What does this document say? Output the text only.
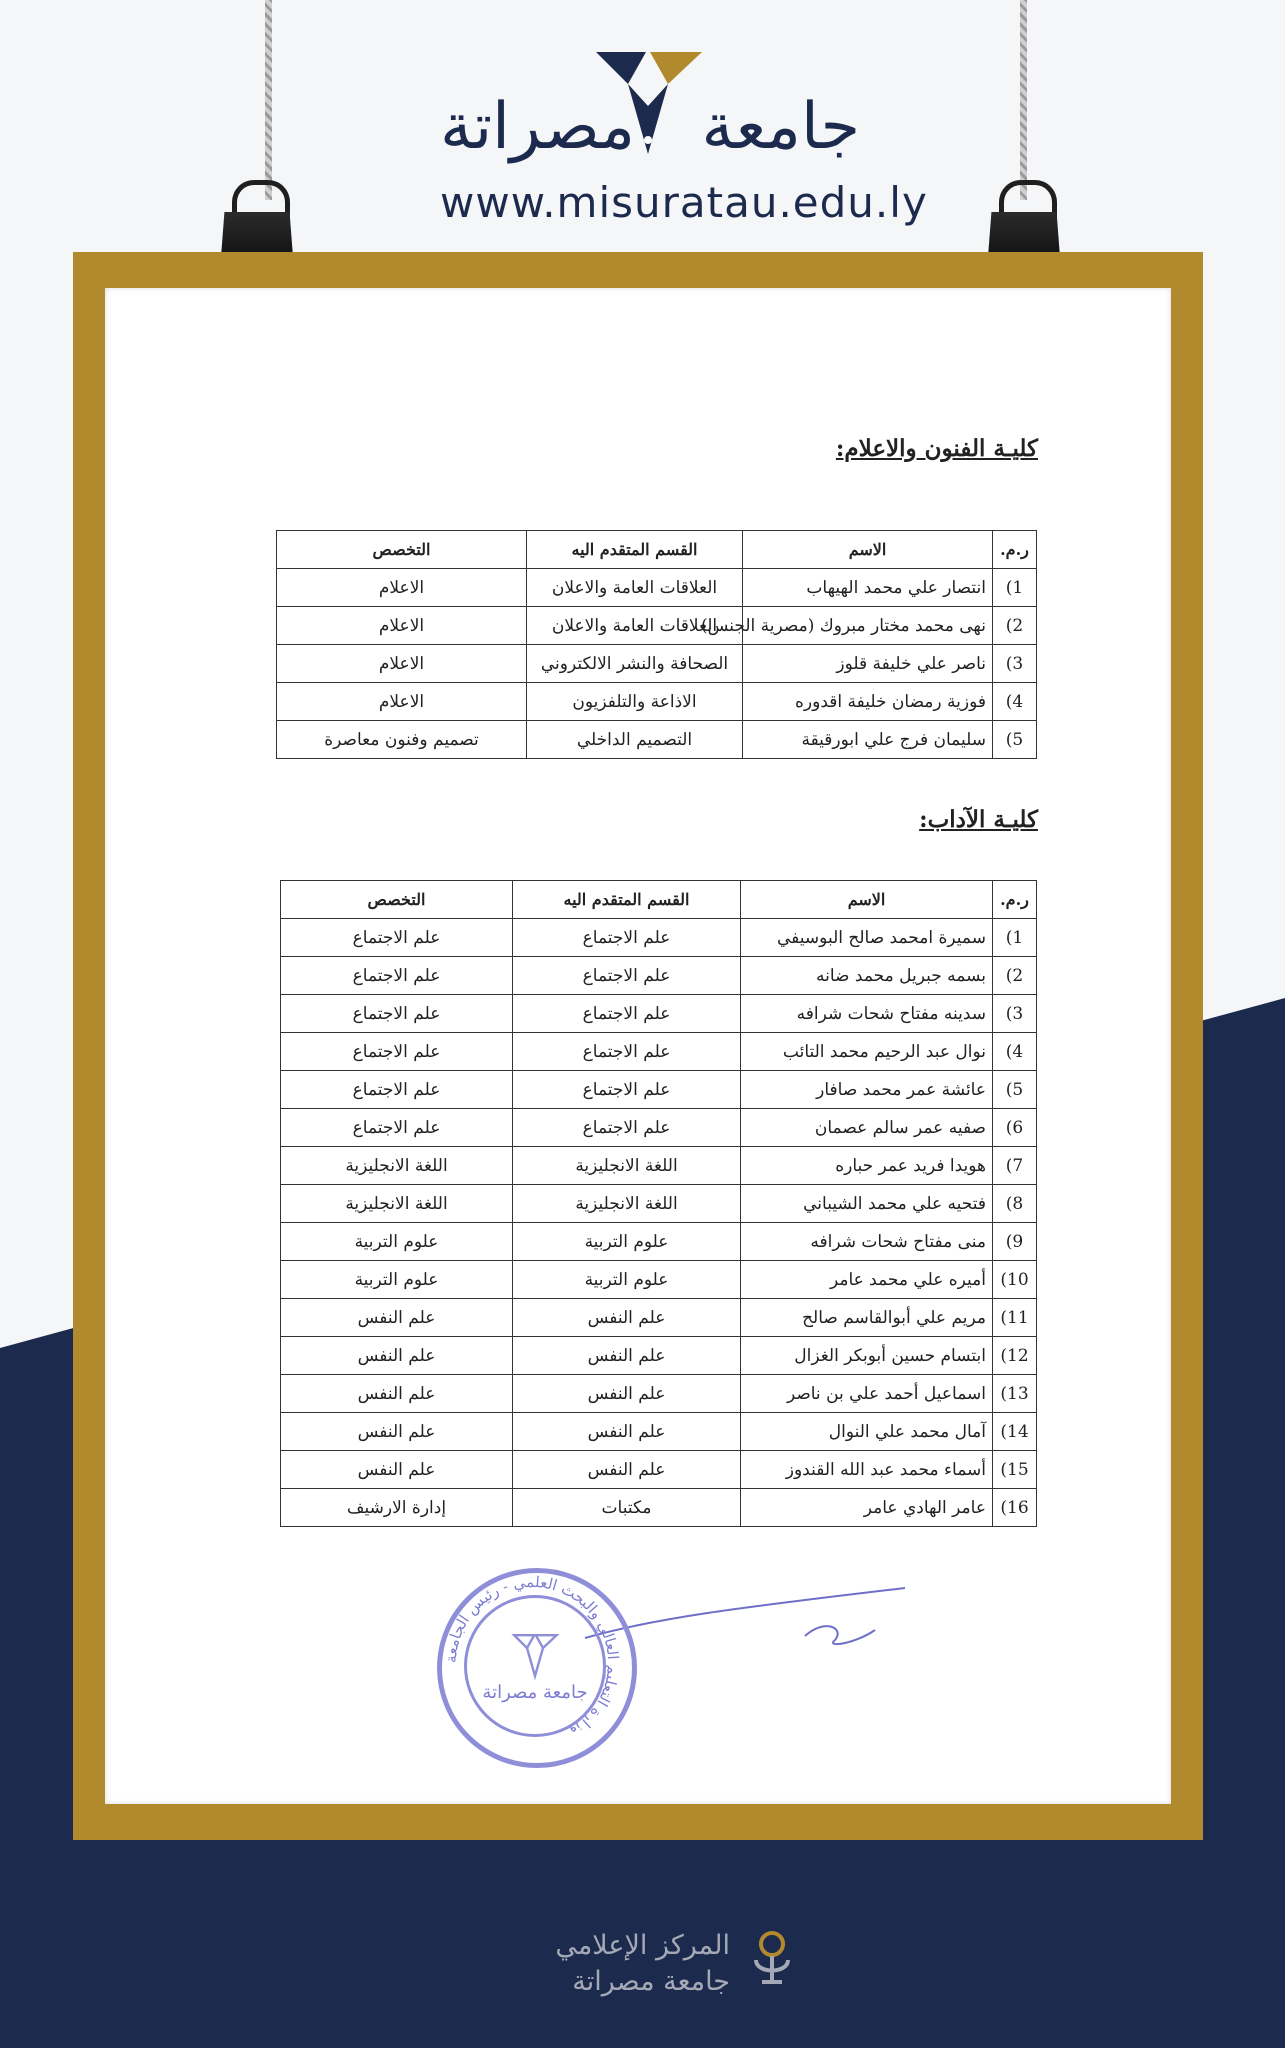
جامعة
مصراتة
www.misuratau.edu.ly
كليـة الفنون والاعلام:
ر.م.	الاسم	القسم المتقدم اليه	التخصص
1)	انتصار علي محمد الهيهاب	العلاقات العامة والاعلان	الاعلام
2)	نهى محمد مختار مبروك (مصرية الجنس)	العلاقات العامة والاعلان	الاعلام
3)	ناصر علي خليفة قلوز	الصحافة والنشر الالكتروني	الاعلام
4)	فوزية رمضان خليفة اقدوره	الاذاعة والتلفزيون	الاعلام
5)	سليمان فرج علي ابورقيقة	التصميم الداخلي	تصميم وفنون معاصرة
كليـة الآداب:
ر.م.	الاسم	القسم المتقدم اليه	التخصص
1)	سميرة امحمد صالح البوسيفي	علم الاجتماع	علم الاجتماع
2)	بسمه جبريل محمد ضانه	علم الاجتماع	علم الاجتماع
3)	سدينه مفتاح شحات شرافه	علم الاجتماع	علم الاجتماع
4)	نوال عبد الرحيم محمد التائب	علم الاجتماع	علم الاجتماع
5)	عائشة عمر محمد صافار	علم الاجتماع	علم الاجتماع
6)	صفيه عمر سالم عصمان	علم الاجتماع	علم الاجتماع
7)	هويدا فريد عمر حباره	اللغة الانجليزية	اللغة الانجليزية
8)	فتحيه علي محمد الشيباني	اللغة الانجليزية	اللغة الانجليزية
9)	منى مفتاح شحات شرافه	علوم التربية	علوم التربية
10)	أميره علي محمد عامر	علوم التربية	علوم التربية
11)	مريم علي أبوالقاسم صالح	علم النفس	علم النفس
12)	ابتسام حسين أبوبكر الغزال	علم النفس	علم النفس
13)	اسماعيل أحمد علي بن ناصر	علم النفس	علم النفس
14)	آمال محمد علي النوال	علم النفس	علم النفس
15)	أسماء محمد عبد الله القندوز	علم النفس	علم النفس
16)	عامر الهادي عامر	مكتبات	إدارة الارشيف
وزارة التعليم العالي والبحث العلمي - رئيس الجامعة
جامعة مصراتة
المركز الإعلامي
جامعة مصراتة
